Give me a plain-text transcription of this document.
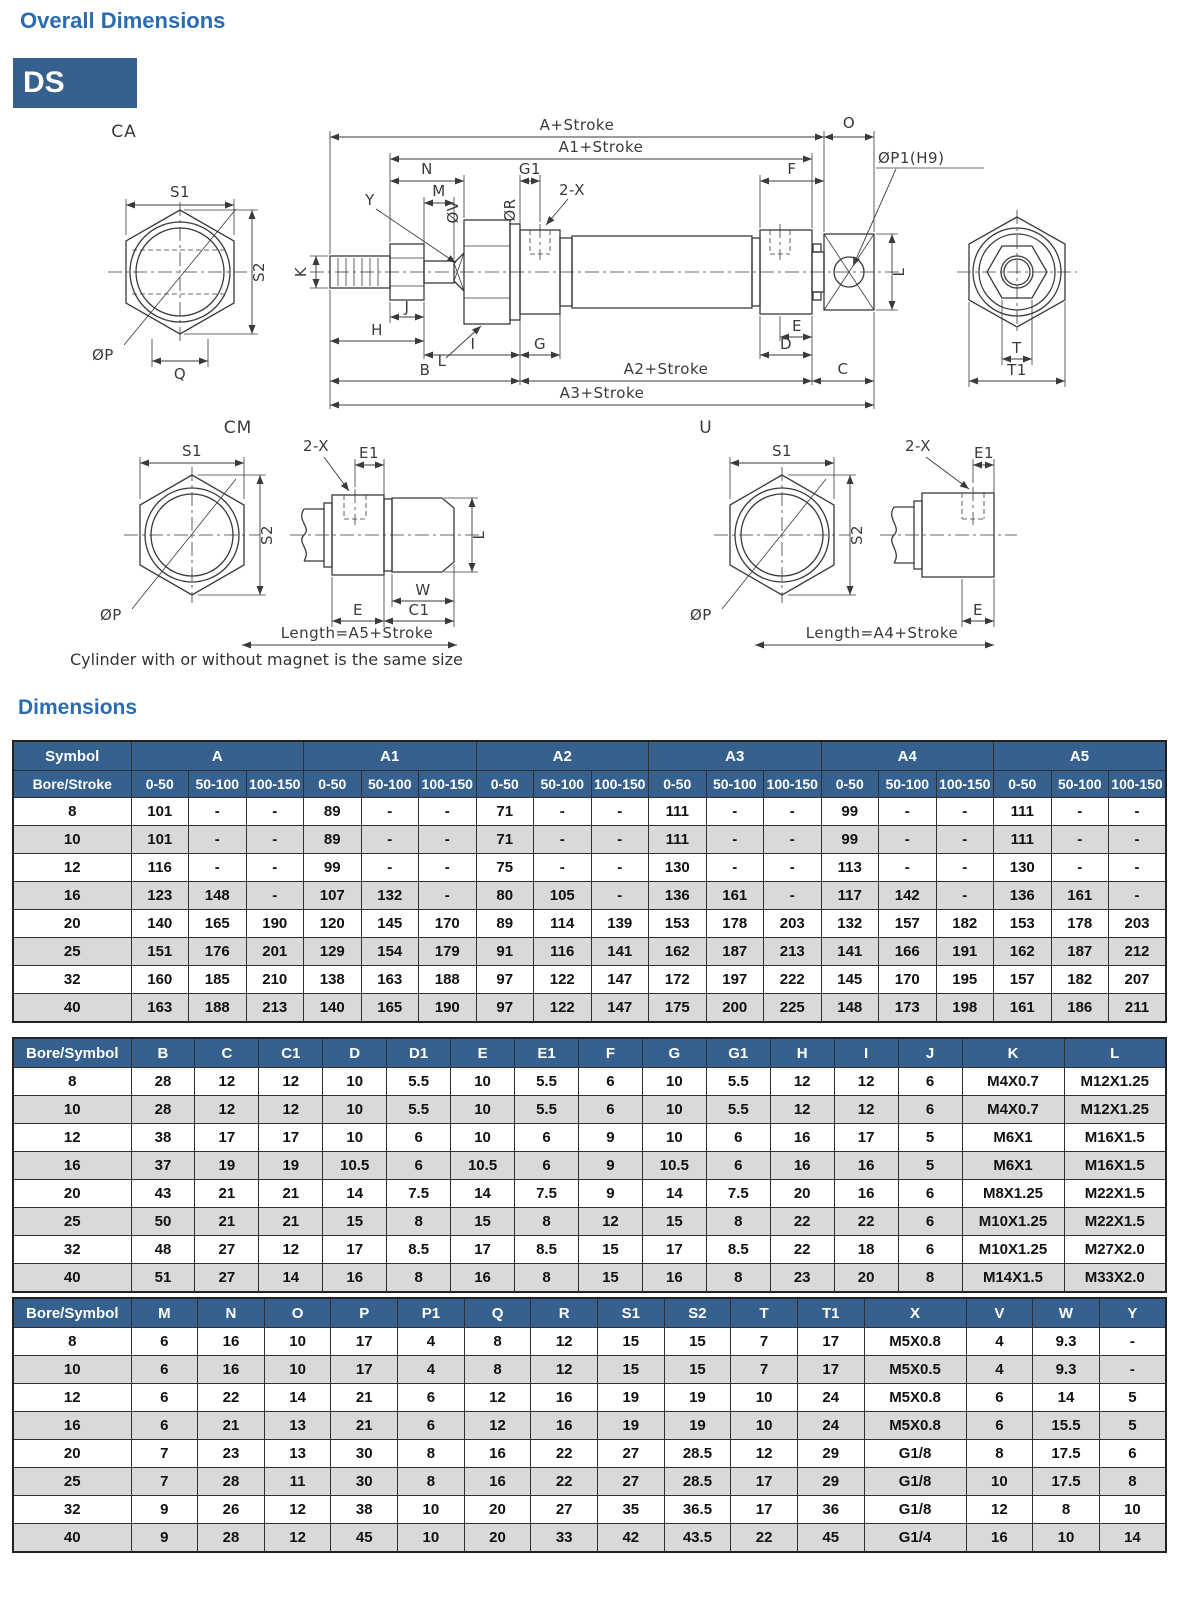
Overall Dimensions
DS
CA
S1
S2
ØP
Q
A+Stroke	O
A1+Stroke
N
M
G1
2-X
F
ØP1(H9)
Y
ØV	ØR
K
J
H
L
I	G
E
D
B	A2+Stroke	C
A3+Stroke
L
T
T1
CM
S1
S2
ØP
2-X E1
L
W
C1
E
Length=A5+Stroke
U
S1
S2
ØP
2-X	E1
E
Length=A4+Stroke
Cylinder with or without magnet is the same size
Dimensions
Symbol	A			A1			A2			A3			A4			A5		
Bore/Stroke	0-50	50-100	100-150	0-50	50-100	100-150	0-50	50-100	100-150	0-50	50-100	100-150	0-50	50-100	100-150	0-50	50-100	100-150
8	101	-	-	89	-	-	71	-	-	111	-	-	99	-	-	111	-	-
10	101	-	-	89	-	-	71	-	-	111	-	-	99	-	-	111	-	-
12	116	-	-	99	-	-	75	-	-	130	-	-	113	-	-	130	-	-
16	123	148	-	107	132	-	80	105	-	136	161	-	117	142	-	136	161	-
20	140	165	190	120	145	170	89	114	139	153	178	203	132	157	182	153	178	203
25	151	176	201	129	154	179	91	116	141	162	187	213	141	166	191	162	187	212
32	160	185	210	138	163	188	97	122	147	172	197	222	145	170	195	157	182	207
40	163	188	213	140	165	190	97	122	147	175	200	225	148	173	198	161	186	211
Bore/Symbol	B	C	C1	D	D1	E	E1	F	G	G1	H	I	J	K	L
8	28	12	12	10	5.5	10	5.5	6	10	5.5	12	12	6	M4X0.7	M12X1.25
10	28	12	12	10	5.5	10	5.5	6	10	5.5	12	12	6	M4X0.7	M12X1.25
12	38	17	17	10	6	10	6	9	10	6	16	17	5	M6X1	M16X1.5
16	37	19	19	10.5	6	10.5	6	9	10.5	6	16	16	5	M6X1	M16X1.5
20	43	21	21	14	7.5	14	7.5	9	14	7.5	20	16	6	M8X1.25	M22X1.5
25	50	21	21	15	8	15	8	12	15	8	22	22	6	M10X1.25	M22X1.5
32	48	27	12	17	8.5	17	8.5	15	17	8.5	22	18	6	M10X1.25	M27X2.0
40	51	27	14	16	8	16	8	15	16	8	23	20	8	M14X1.5	M33X2.0
Bore/Symbol	M	N	O	P	P1	Q	R	S1	S2	T	T1	X	V	W	Y
8	6	16	10	17	4	8	12	15	15	7	17	M5X0.8	4	9.3	-
10	6	16	10	17	4	8	12	15	15	7	17	M5X0.5	4	9.3	-
12	6	22	14	21	6	12	16	19	19	10	24	M5X0.8	6	14	5
16	6	21	13	21	6	12	16	19	19	10	24	M5X0.8	6	15.5	5
20	7	23	13	30	8	16	22	27	28.5	12	29	G1/8	8	17.5	6
25	7	28	11	30	8	16	22	27	28.5	17	29	G1/8	10	17.5	8
32	9	26	12	38	10	20	27	35	36.5	17	36	G1/8	12	8	10
40	9	28	12	45	10	20	33	42	43.5	22	45	G1/4	16	10	14
